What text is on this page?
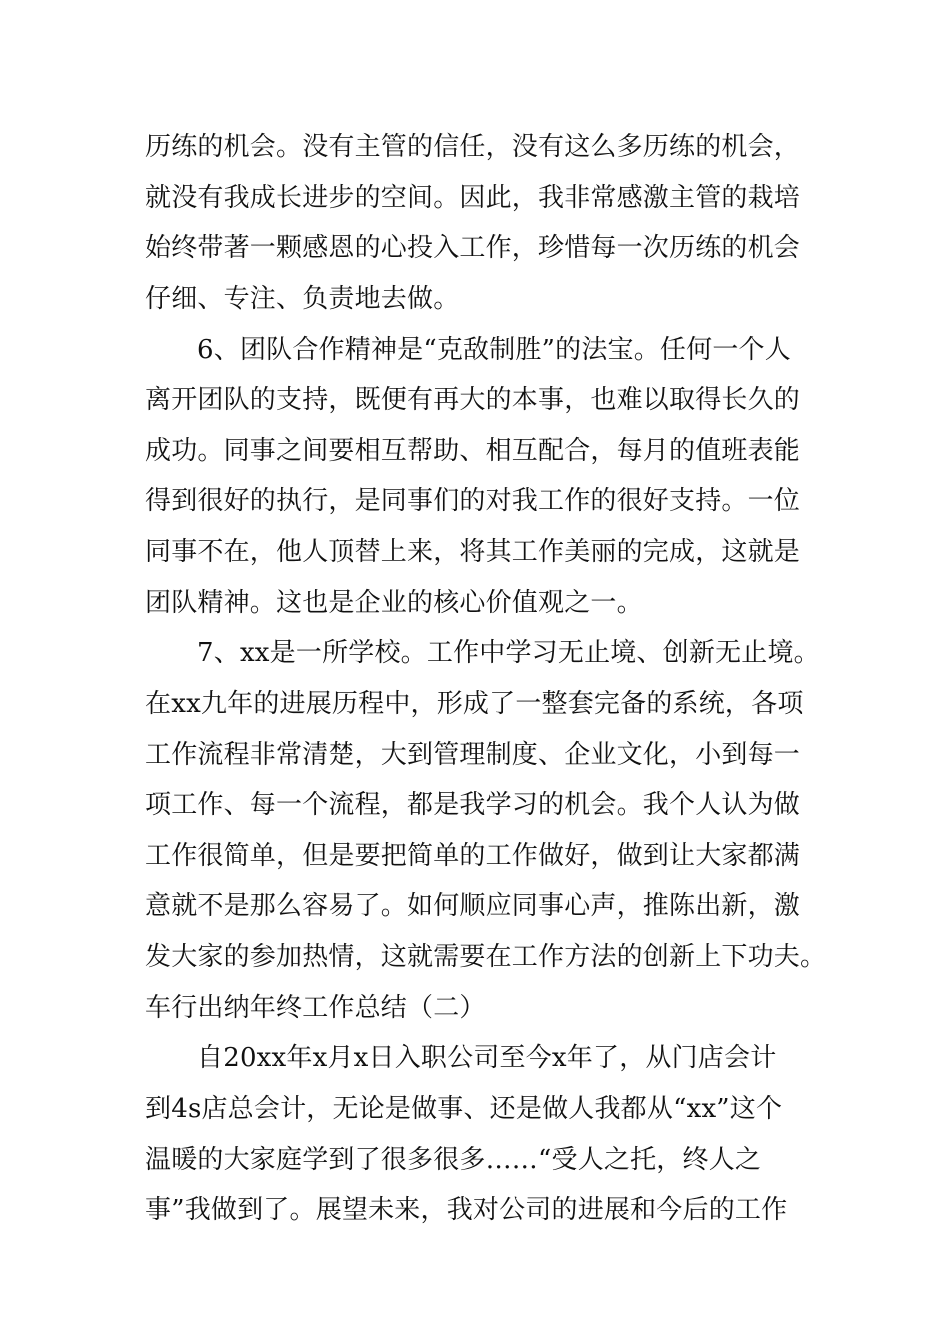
历练的机会。没有主管的信任，没有这么多历练的机会，
就没有我成长进步的空间。因此，我非常感激主管的栽培
始终带著一颗感恩的心投入工作，珍惜每一次历练的机会
仔细、专注、负责地去做。
6、团队合作精神是“克敌制胜”的法宝。任何一个人
离开团队的支持，既便有再大的本事，也难以取得长久的
成功。同事之间要相互帮助、相互配合，每月的值班表能
得到很好的执行，是同事们的对我工作的很好支持。一位
同事不在，他人顶替上来，将其工作美丽的完成，这就是
团队精神。这也是企业的核心价值观之一。
7、xx是一所学校。工作中学习无止境、创新无止境。
在xx九年的进展历程中，形成了一整套完备的系统，各项
工作流程非常清楚，大到管理制度、企业文化，小到每一
项工作、每一个流程，都是我学习的机会。我个人认为做
工作很简单，但是要把简单的工作做好，做到让大家都满
意就不是那么容易了。如何顺应同事心声，推陈出新，激
发大家的参加热情，这就需要在工作方法的创新上下功夫。
车行出纳年终工作总结（二）
自20xx年x月x日入职公司至今x年了，从门店会计
到4s店总会计，无论是做事、还是做人我都从“xx”这个
温暖的大家庭学到了很多很多……“受人之托，终人之
事”我做到了。展望未来，我对公司的进展和今后的工作
